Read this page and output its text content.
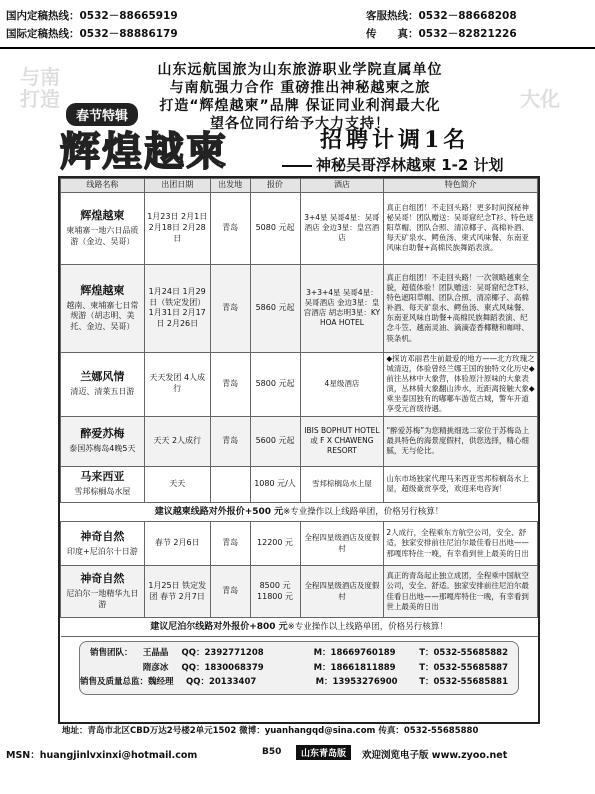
国内定稿热线：0532－88665919
国际定稿热线：0532－88886179
客服热线：0532－88668208
传　　真：0532－82821226
与南
打造	大化
山东远航国旅为山东旅游职业学院直属单位
与南航强力合作 重磅推出神秘越柬之旅
打造“辉煌越柬”品牌 保证同业利润最大化
望各位同行给予大力支持！
春节特辑
辉煌越柬	招聘计调1名
神秘吴哥浮林越柬 1-2 计划
线路名称	出团日期	出发地	报价	酒店	特色简介

辉煌越柬
柬埔寨一地六日品质游（金边、吴哥）	1月23日 2月1日 2月18日 2月28日	青岛	5080 元起	3+4星 吴哥4星：吴哥酒店 金边3星：皇宫酒店	真正自组团！不走回头路！更多时间探秘神秘吴哥！团队赠送：吴哥窟纪念T衫、特色遮阳草帽、团队合照、清凉椰子、高棉补酒、每天矿泉水、鳄鱼汤、柬式风味餐、东南亚风味自助餐+高棉民族舞蹈表演。

辉煌越柬
越南、柬埔寨七日常规游（胡志明、美托、金边、吴哥）	1月24日 1月29日（铁定发团） 1月31日 2月17日 2月26日	青岛	5860 元起	3+3+4星 吴哥4星：吴哥酒店 金边3星：皇宫酒店 胡志明3星：KY HOA HOTEL	真正自组团！不走回头路！一次领略越柬全貌，超值体验！团队赠送：吴哥窟纪念T衫、特色遮阳草帽、团队合照、清凉椰子、高棉补酒、每天矿泉水、鳄鱼汤、柬式风味餐、东南亚风味自助餐+高棉民族舞蹈表演、纪念斗笠、越南灵油、滴滴壶香椰糖和咖啡、筷条机。

兰娜风情
清迈、清莱五日游	天天发团 4人成行	青岛	5800 元起	4星级酒店	◆探访邓丽君生前最爱的地方——北方玫瑰之城清迈，体验曾经兰娜王国的独特文化历史◆前往丛林中大象营，体验原汁原味的大象表演，丛林骑大象翻山涉水，近距离接触大象◆乘坐泰国独有的嘟嘟车游览古城，警车开道享受元首级待遇。

醉爱苏梅
泰国苏梅岛4晚5天	天天 2人成行	青岛	5600 元起	IBIS BOPHUT HOTEL 或 F X CHAWENG RESORT	“醉爱苏梅”为您精挑细选二家位于苏梅岛上最具特色的海景度假村，供您选择，精心细腻，无与伦比。

马来西亚
雪邦棕榈岛水屋	天天		1080 元/人	雪邦棕榈岛水上屋	山东市场独家代理马来西亚雪邦棕榈岛水上屋，超级豪赏享受，欢迎来电咨询！
建议越柬线路对外报价+500 元※专业操作以上线路单团，价格另行核算！					

神奇自然
印度+尼泊尔十日游	春节 2月6日	青岛	12200 元	全程四星级酒店及度假村	2人成行，全程乘东方航空公司，安全、舒适，独家安排前往尼泊尔最佳看日出地——那嘎库特住一晚，有幸看到世上最美的日出

神奇自然
尼泊尔一地精华九日游	1月25日 铁定发团 春节 2月7日	青岛	8500 元 11800 元	全程四星级酒店及度假村	真正的青岛起止独立成团，全程乘中国航空公司，安全、舒适。独家安排前往尼泊尔最佳看日出地——那嘎库特住一晚，有幸看到世上最美的日出
建议尼泊尔线路对外报价+800 元※专业操作以上线路单团，价格另行核算！					
销售团队：	王晶晶	QQ：2392771208	M：18669760189	T：0532-55685882
隋彦冰	QQ：1830068379	M：18661811889	T：0532-55685887
销售及质量总监： 魏经理	QQ：20133407	M：13953276900	T：0532-55685881
地址：青岛市北区CBD万达2号楼2单元1502 微博：yuanhangqd@sina.com 传真：0532-55685880
MSN：huangjinlvxinxi@hotmail.com	B50	山东青岛版	欢迎浏览电子版 www.zyoo.net
